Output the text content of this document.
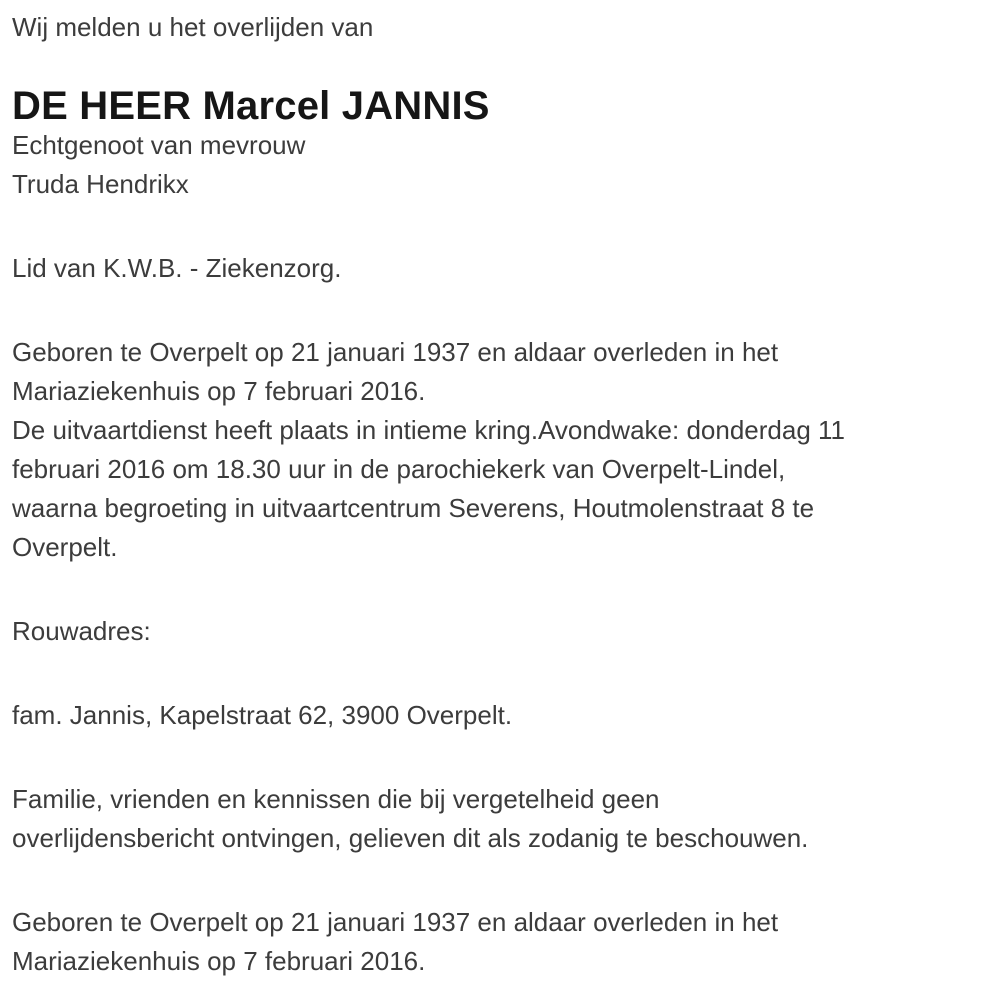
Wij melden u het overlijden van
DE HEER Marcel JANNIS
Echtgenoot van mevrouw
Truda Hendrikx
Lid van K.W.B. - Ziekenzorg.
Geboren te Overpelt op 21 januari 1937 en aldaar overleden in het
Mariaziekenhuis op 7 februari 2016.
De uitvaartdienst heeft plaats in intieme kring.Avondwake: donderdag 11
februari 2016 om 18.30 uur in de parochiekerk van Overpelt-Lindel,
waarna begroeting in uitvaartcentrum Severens, Houtmolenstraat 8 te
Overpelt.
Rouwadres:
fam. Jannis, Kapelstraat 62, 3900 Overpelt.
Familie, vrienden en kennissen die bij vergetelheid geen
overlijdensbericht ontvingen, gelieven dit als zodanig te beschouwen.
Geboren te Overpelt op 21 januari 1937 en aldaar overleden in het
Mariaziekenhuis op 7 februari 2016.
